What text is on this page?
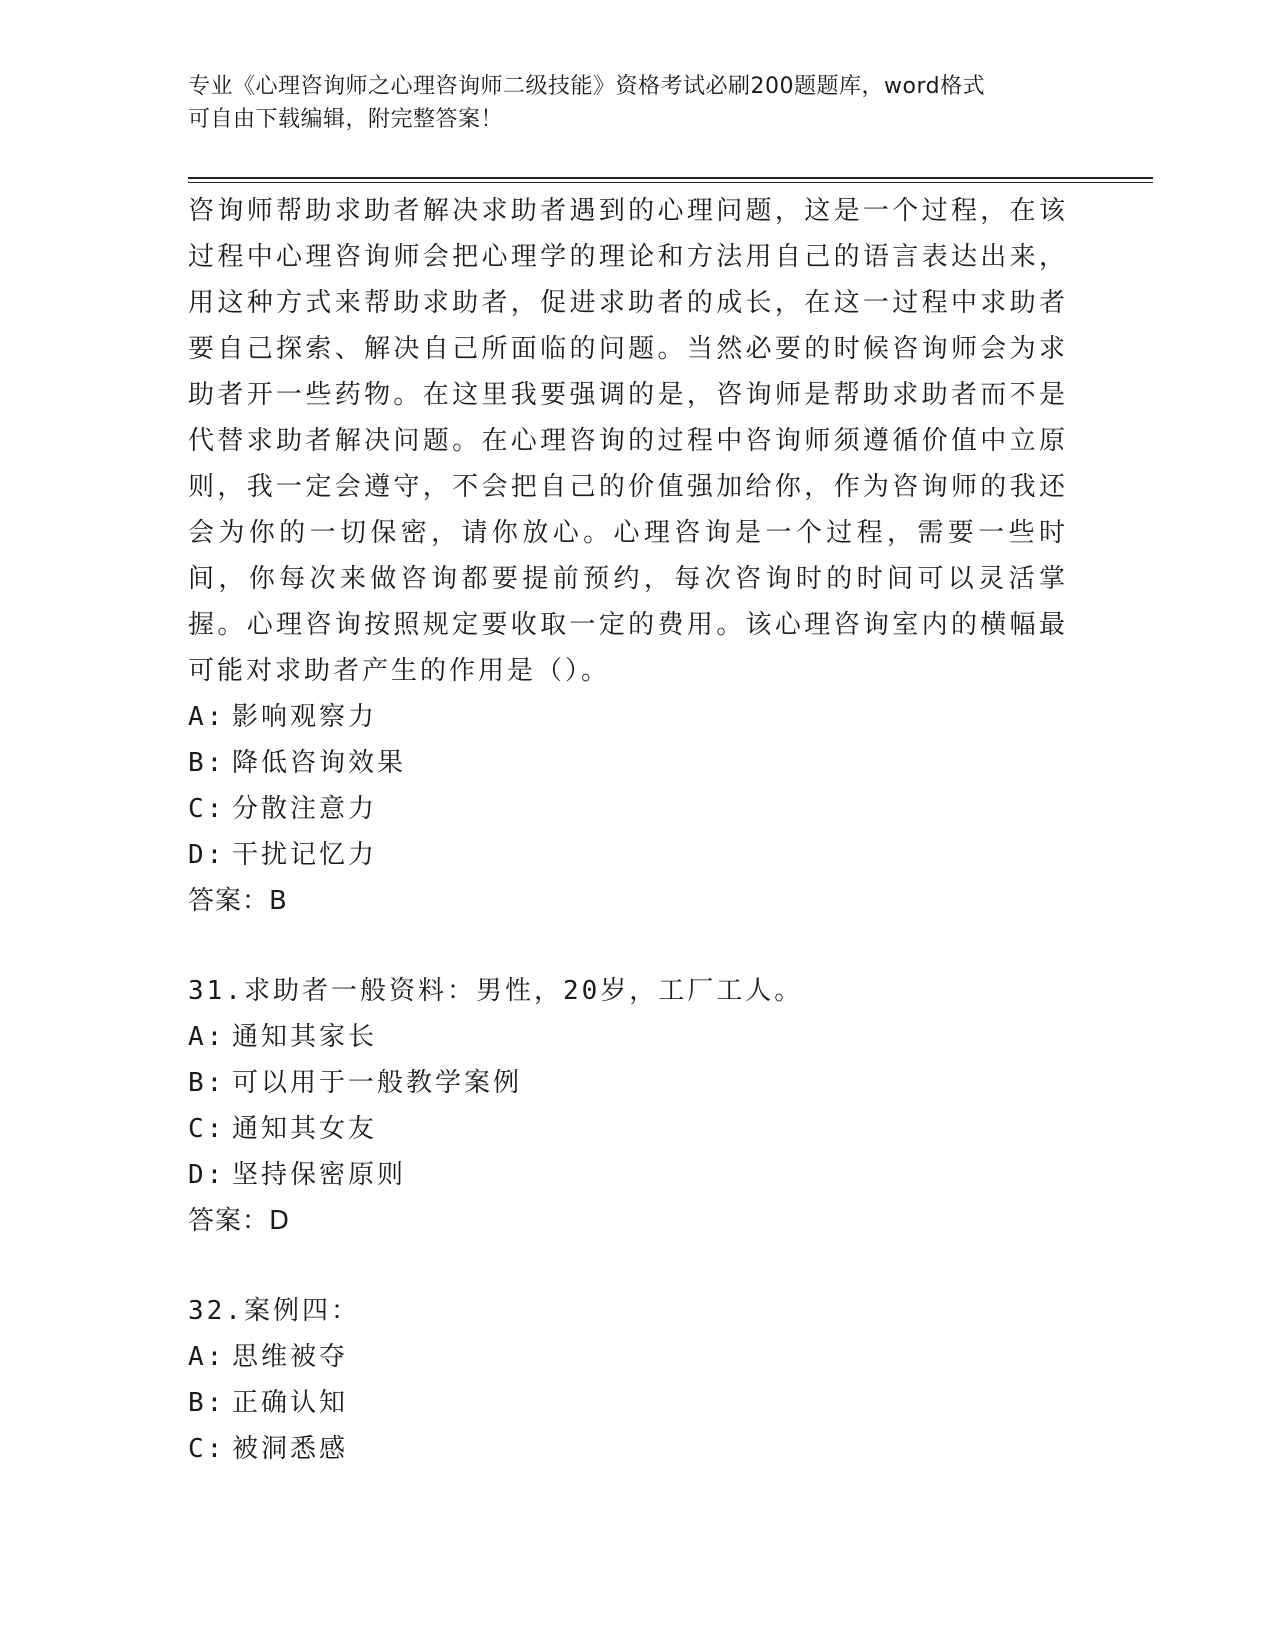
专业《心理咨询师之心理咨询师二级技能》资格考试必刷200题题库，word格式
可自由下载编辑，附完整答案！

咨询师帮助求助者解决求助者遇到的心理问题，这是一个过程，在该过程中心理咨询师会把心理学的理论和方法用自己的语言表达出来，用这种方式来帮助求助者，促进求助者的成长，在这一过程中求助者要自己探索、解决自己所面临的问题。当然必要的时候咨询师会为求助者开一些药物。在这里我要强调的是，咨询师是帮助求助者而不是代替求助者解决问题。在心理咨询的过程中咨询师须遵循价值中立原则，我一定会遵守，不会把自己的价值强加给你，作为咨询师的我还会为你的一切保密，请你放心。心理咨询是一个过程，需要一些时间，你每次来做咨询都要提前预约，每次咨询时的时间可以灵活掌握。心理咨询按照规定要收取一定的费用。该心理咨询室内的横幅最可能对求助者产生的作用是（）。

A: 影响观察力

B: 降低咨询效果

C: 分散注意力

D: 干扰记忆力

答案：B

31.求助者一般资料：男性，20岁，工厂工人。

A: 通知其家长

B: 可以用于一般教学案例

C: 通知其女友

D: 坚持保密原则

答案：D

32.案例四：

A: 思维被夺

B: 正确认知

C: 被洞悉感
